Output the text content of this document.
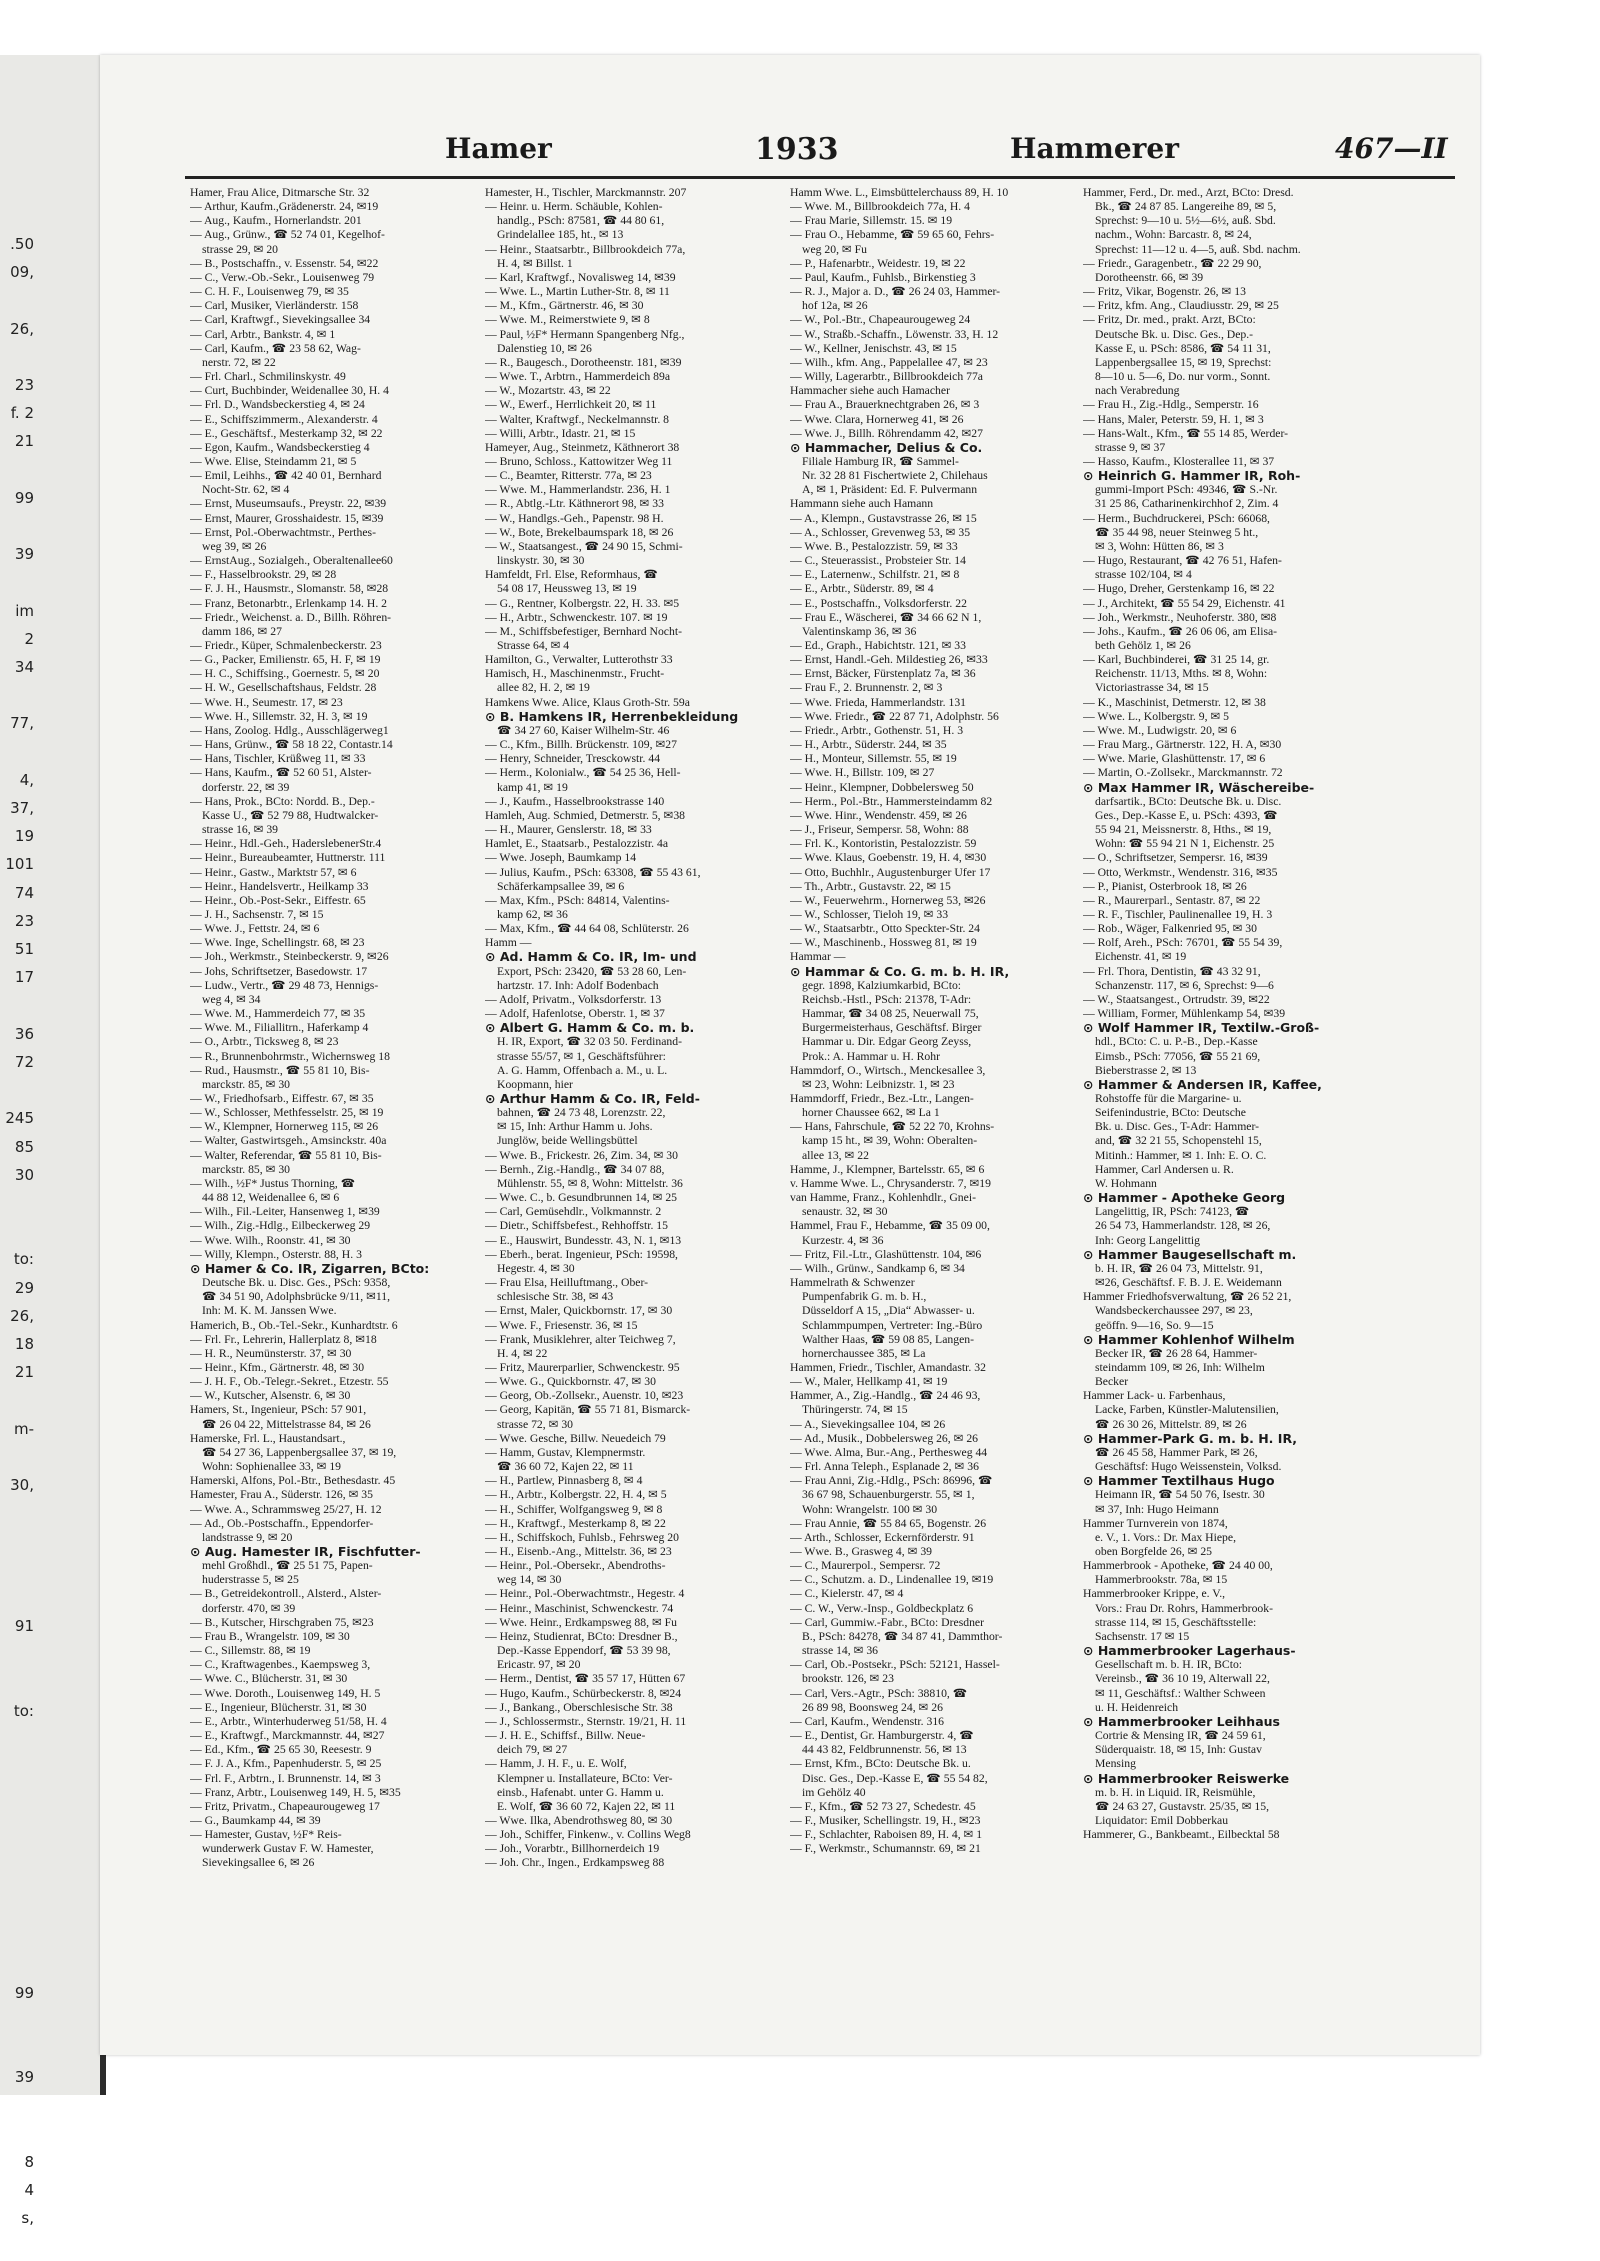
.50
09,

26,

23
f. 2
21

99

39

im
2
34

77,

4,
37,
19
101
74
23
51
17

36
72

245
85
30

to:
29
26,
18
21

m-

30,

91

to:

99

39

8
4
s,

Hamer	1933	Hammerer	467—II
Hamer, Frau Alice, Ditmarsche Str. 32
— Arthur, Kaufm.,Grädenerstr. 24, ✉19
— Aug., Kaufm., Hornerlandstr. 201
— Aug., Grünw., ☎ 52 74 01, Kegelhof-
strasse 29, ✉ 20
— B., Postschaffn., v. Essenstr. 54, ✉22
— C., Verw.-Ob.-Sekr., Louisenweg 79
— C. H. F., Louisenweg 79, ✉ 35
— Carl, Musiker, Vierländerstr. 158
— Carl, Kraftwgf., Sievekingsallee 34
— Carl, Arbtr., Bankstr. 4, ✉ 1
— Carl, Kaufm., ☎ 23 58 62, Wag-
nerstr. 72, ✉ 22
— Frl. Charl., Schmilinskystr. 49
— Curt, Buchbinder, Weidenallee 30, H. 4
— Frl. D., Wandsbeckerstieg 4, ✉ 24
— E., Schiffszimmerm., Alexanderstr. 4
— E., Geschäftsf., Mesterkamp 32, ✉ 22
— Egon, Kaufm., Wandsbeckerstieg 4
— Wwe. Elise, Steindamm 21, ✉ 5
— Emil, Leihhs., ☎ 42 40 01, Bernhard
Nocht-Str. 62, ✉ 4
— Ernst, Museumsaufs., Preystr. 22, ✉39
— Ernst, Maurer, Grosshaidestr. 15, ✉39
— Ernst, Pol.-Oberwachtmstr., Perthes-
weg 39, ✉ 26
— ErnstAug., Sozialgeh., Oberaltenallee60
— F., Hasselbrookstr. 29, ✉ 28
— F. J. H., Hausmstr., Slomanstr. 58, ✉28
— Franz, Betonarbtr., Erlenkamp 14. H. 2
— Friedr., Weichenst. a. D., Billh. Röhren-
damm 186, ✉ 27
— Friedr., Küper, Schmalenbeckerstr. 23
— G., Packer, Emilienstr. 65, H. F, ✉ 19
— H. C., Schiffsing., Goernestr. 5, ✉ 20
— H. W., Gesellschaftshaus, Feldstr. 28
— Wwe. H., Seumestr. 17, ✉ 23
— Wwe. H., Sillemstr. 32, H. 3, ✉ 19
— Hans, Zoolog. Hdlg., Ausschlägerweg1
— Hans, Grünw., ☎ 58 18 22, Contastr.14
— Hans, Tischler, Krüßweg 11, ✉ 33
— Hans, Kaufm., ☎ 52 60 51, Alster-
dorferstr. 22, ✉ 39
— Hans, Prok., BCto: Nordd. B., Dep.-
Kasse U., ☎ 52 79 88, Hudtwalcker-
strasse 16, ✉ 39
— Heinr., Hdl.-Geh., HaderslebenerStr.4
— Heinr., Bureaubeamter, Huttnerstr. 111
— Heinr., Gastw., Marktstr 57, ✉ 6
— Heinr., Handelsvertr., Heilkamp 33
— Heinr., Ob.-Post-Sekr., Eiffestr. 65
— J. H., Sachsenstr. 7, ✉ 15
— Wwe. J., Fettstr. 24, ✉ 6
— Wwe. Inge, Schellingstr. 68, ✉ 23
— Joh., Werkmstr., Steinbeckerstr. 9, ✉26
— Johs, Schriftsetzer, Basedowstr. 17
— Ludw., Vertr., ☎ 29 48 73, Hennigs-
weg 4, ✉ 34
— Wwe. M., Hammerdeich 77, ✉ 35
— Wwe. M., Filiallitrn., Haferkamp 4
— O., Arbtr., Ticksweg 8, ✉ 23
— R., Brunnenbohrmstr., Wichernsweg 18
— Rud., Hausmstr., ☎ 55 81 10, Bis-
marckstr. 85, ✉ 30
— W., Friedhofsarb., Eiffestr. 67, ✉ 35
— W., Schlosser, Methfesselstr. 25, ✉ 19
— W., Klempner, Hornerweg 115, ✉ 26
— Walter, Gastwirtsgeh., Amsinckstr. 40a
— Walter, Referendar, ☎ 55 81 10, Bis-
marckstr. 85, ✉ 30
— Wilh., ½F* Justus Thorning, ☎
44 88 12, Weidenallee 6, ✉ 6
— Wilh., Fil.-Leiter, Hansenweg 1, ✉39
— Wilh., Zig.-Hdlg., Eilbeckerweg 29
— Wwe. Wilh., Roonstr. 41, ✉ 30
— Willy, Klempn., Osterstr. 88, H. 3
⊙ Hamer & Co. IR, Zigarren, BCto:
Deutsche Bk. u. Disc. Ges., PSch: 9358,
☎ 34 51 90, Adolphsbrücke 9/11, ✉11,
Inh: M. K. M. Janssen Wwe.
Hamerich, B., Ob.-Tel.-Sekr., Kunhardtstr. 6
— Frl. Fr., Lehrerin, Hallerplatz 8, ✉18
— H. R., Neumünsterstr. 37, ✉ 30
— Heinr., Kfm., Gärtnerstr. 48, ✉ 30
— J. H. F., Ob.-Telegr.-Sekret., Etzestr. 55
— W., Kutscher, Alsenstr. 6, ✉ 30
Hamers, St., Ingenieur, PSch: 57 901,
☎ 26 04 22, Mittelstrasse 84, ✉ 26
Hamerske, Frl. L., Haustandsart.,
☎ 54 27 36, Lappenbergsallee 37, ✉ 19,
Wohn: Sophienallee 33, ✉ 19
Hamerski, Alfons, Pol.-Btr., Bethesdastr. 45
Hamester, Frau A., Süderstr. 126, ✉ 35
— Wwe. A., Schrammsweg 25/27, H. 12
— Ad., Ob.-Postschaffn., Eppendorfer-
landstrasse 9, ✉ 20
⊙ Aug. Hamester IR, Fischfutter-
mehl Großhdl., ☎ 25 51 75, Papen-
huderstrasse 5, ✉ 25
— B., Getreidekontroll., Alsterd., Alster-
dorferstr. 470, ✉ 39
— B., Kutscher, Hirschgraben 75, ✉23
— Frau B., Wrangelstr. 109, ✉ 30
— C., Sillemstr. 88, ✉ 19
— C., Kraftwagenbes., Kaempsweg 3,
— Wwe. C., Blücherstr. 31, ✉ 30
— Wwe. Doroth., Louisenweg 149, H. 5
— E., Ingenieur, Blücherstr. 31, ✉ 30
— E., Arbtr., Winterhuderweg 51/58, H. 4
— E., Kraftwgf., Marckmannstr. 44, ✉27
— Ed., Kfm., ☎ 25 65 30, Reesestr. 9
— F. J. A., Kfm., Papenhuderstr. 5, ✉ 25
— Frl. F., Arbtrn., I. Brunnenstr. 14, ✉ 3
— Franz, Arbtr., Louisenweg 149, H. 5, ✉35
— Fritz, Privatm., Chapeaurougeweg 17
— G., Baumkamp 44, ✉ 39
— Hamester, Gustav, ½F* Reis-
wunderwerk Gustav F. W. Hamester,
Sievekingsallee 6, ✉ 26
Hamester, H., Tischler, Marckmannstr. 207
— Heinr. u. Herm. Schäuble, Kohlen-
handlg., PSch: 87581, ☎ 44 80 61,
Grindelallee 185, ht., ✉ 13
— Heinr., Staatsarbtr., Billbrookdeich 77a,
H. 4, ✉ Billst. 1
— Karl, Kraftwgf., Novalisweg 14, ✉39
— Wwe. L., Martin Luther-Str. 8, ✉ 11
— M., Kfm., Gärtnerstr. 46, ✉ 30
— Wwe. M., Reimerstwiete 9, ✉ 8
— Paul, ½F* Hermann Spangenberg Nfg.,
Dalenstieg 10, ✉ 26
— R., Baugesch., Dorotheenstr. 181, ✉39
— Wwe. T., Arbtrn., Hammerdeich 89a
— W., Mozartstr. 43, ✉ 22
— W., Ewerf., Herrlichkeit 20, ✉ 11
— Walter, Kraftwgf., Neckelmannstr. 8
— Willi, Arbtr., Idastr. 21, ✉ 15
Hameyer, Aug., Steinmetz, Käthnerort 38
— Bruno, Schloss., Kattowitzer Weg 11
— C., Beamter, Ritterstr. 77a, ✉ 23
— Wwe. M., Hammerlandstr. 236, H. 1
— R., Abtlg.-Ltr. Käthnerort 98, ✉ 33
— W., Handlgs.-Geh., Papenstr. 98 H.
— W., Bote, Brekelbaumspark 18, ✉ 26
— W., Staatsangest., ☎ 24 90 15, Schmi-
linskystr. 30, ✉ 30
Hamfeldt, Frl. Else, Reformhaus, ☎
54 08 17, Heussweg 13, ✉ 19
— G., Rentner, Kolbergstr. 22, H. 33. ✉5
— H., Arbtr., Schwenckestr. 107. ✉ 19
— M., Schiffsbefestiger, Bernhard Nocht-
Strasse 64, ✉ 4
Hamilton, G., Verwalter, Lutterothstr 33
Hamisch, H., Maschinenmstr., Frucht-
allee 82, H. 2, ✉ 19
Hamkens Wwe. Alice, Klaus Groth-Str. 59a
⊙ B. Hamkens IR, Herrenbekleidung
☎ 34 27 60, Kaiser Wilhelm-Str. 46
— C., Kfm., Billh. Brückenstr. 109, ✉27
— Henry, Schneider, Tresckowstr. 44
— Herm., Kolonialw., ☎ 54 25 36, Hell-
kamp 41, ✉ 19
— J., Kaufm., Hasselbrookstrasse 140
Hamleh, Aug. Schmied, Detmerstr. 5, ✉38
— H., Maurer, Genslerstr. 18, ✉ 33
Hamlet, E., Staatsarb., Pestalozzistr. 4a
— Wwe. Joseph, Baumkamp 14
— Julius, Kaufm., PSch: 63308, ☎ 55 43 61,
Schäferkampsallee 39, ✉ 6
— Max, Kfm., PSch: 84814, Valentins-
kamp 62, ✉ 36
— Max, Kfm., ☎ 44 64 08, Schlüterstr. 26
Hamm —
⊙ Ad. Hamm & Co. IR, Im- und
Export, PSch: 23420, ☎ 53 28 60, Len-
hartzstr. 17. Inh: Adolf Bodenbach
— Adolf, Privatm., Volksdorferstr. 13
— Adolf, Hafenlotse, Oberstr. 1, ✉ 37
⊙ Albert G. Hamm & Co. m. b.
H. IR, Export, ☎ 32 03 50. Ferdinand-
strasse 55/57, ✉ 1, Geschäftsführer:
A. G. Hamm, Offenbach a. M., u. L.
Koopmann, hier
⊙ Arthur Hamm & Co. IR, Feld-
bahnen, ☎ 24 73 48, Lorenzstr. 22,
✉ 15, Inh: Arthur Hamm u. Johs.
Junglöw, beide Wellingsbüttel
— Wwe. B., Frickestr. 26, Zim. 34, ✉ 30
— Bernh., Zig.-Handlg., ☎ 34 07 88,
Mühlenstr. 55, ✉ 8, Wohn: Mittelstr. 36
— Wwe. C., b. Gesundbrunnen 14, ✉ 25
— Carl, Gemüsehdlr., Volkmannstr. 2
— Dietr., Schiffsbefest., Rehhoffstr. 15
— E., Hauswirt, Bundesstr. 43, N. 1, ✉13
— Eberh., berat. Ingenieur, PSch: 19598,
Hegestr. 4, ✉ 30
— Frau Elsa, Heilluftmang., Ober-
schlesische Str. 38, ✉ 43
— Ernst, Maler, Quickbornstr. 17, ✉ 30
— Wwe. F., Friesenstr. 36, ✉ 15
— Frank, Musiklehrer, alter Teichweg 7,
H. 4, ✉ 22
— Fritz, Maurerparlier, Schwenckestr. 95
— Wwe. G., Quickbornstr. 47, ✉ 30
— Georg, Ob.-Zollsekr., Auenstr. 10, ✉23
— Georg, Kapitän, ☎ 55 71 81, Bismarck-
strasse 72, ✉ 30
— Wwe. Gesche, Billw. Neuedeich 79
— Hamm, Gustav, Klempnermstr.
☎ 36 60 72, Kajen 22, ✉ 11
— H., Partlew, Pinnasberg 8, ✉ 4
— H., Arbtr., Kolbergstr. 22, H. 4, ✉ 5
— H., Schiffer, Wolfgangsweg 9, ✉ 8
— H., Kraftwgf., Mesterkamp 8, ✉ 22
— H., Schiffskoch, Fuhlsb., Fehrsweg 20
— H., Eisenb.-Ang., Mittelstr. 36, ✉ 23
— Heinr., Pol.-Obersekr., Abendroths-
weg 14, ✉ 30
— Heinr., Pol.-Oberwachtmstr., Hegestr. 4
— Heinr., Maschinist, Schwenckestr. 74
— Wwe. Heinr., Erdkampsweg 88, ✉ Fu
— Heinz, Studienrat, BCto: Dresdner B.,
Dep.-Kasse Eppendorf, ☎ 53 39 98,
Ericastr. 97, ✉ 20
— Herm., Dentist, ☎ 35 57 17, Hütten 67
— Hugo, Kaufm., Schürbeckerstr. 8, ✉24
— J., Bankang., Oberschlesische Str. 38
— J., Schlossermstr., Sternstr. 19/21, H. 11
— J. H. E., Schiffsf., Billw. Neue-
deich 79, ✉ 27
— Hamm, J. H. F., u. E. Wolf,
Klempner u. Installateure, BCto: Ver-
einsb., Hafenabt. unter G. Hamm u.
E. Wolf, ☎ 36 60 72, Kajen 22, ✉ 11
— Wwe. Ilka, Abendrothsweg 80, ✉ 30
— Joh., Schiffer, Finkenw., v. Collins Weg8
— Joh., Vorarbtr., Billhornerdeich 19
— Joh. Chr., Ingen., Erdkampsweg 88
Hamm Wwe. L., Eimsbüttelerchauss 89, H. 10
— Wwe. M., Billbrookdeich 77a, H. 4
— Frau Marie, Sillemstr. 15. ✉ 19
— Frau O., Hebamme, ☎ 59 65 60, Fehrs-
weg 20, ✉ Fu
— P., Hafenarbtr., Weidestr. 19, ✉ 22
— Paul, Kaufm., Fuhlsb., Birkenstieg 3
— R. J., Major a. D., ☎ 26 24 03, Hammer-
hof 12a, ✉ 26
— W., Pol.-Btr., Chapeaurougeweg 24
— W., Straßb.-Schaffn., Löwenstr. 33, H. 12
— W., Kellner, Jenischstr. 43, ✉ 15
— Wilh., kfm. Ang., Pappelallee 47, ✉ 23
— Willy, Lagerarbtr., Billbrookdeich 77a
Hammacher siehe auch Hamacher
— Frau A., Brauerknechtgraben 26, ✉ 3
— Wwe. Clara, Hornerweg 41, ✉ 26
— Wwe. J., Billh. Röhrendamm 42, ✉27
⊙ Hammacher, Delius & Co.
Filiale Hamburg IR, ☎ Sammel-
Nr. 32 28 81 Fischertwiete 2, Chilehaus
A, ✉ 1, Präsident: Ed. F. Pulvermann
Hammann siehe auch Hamann
— A., Klempn., Gustavstrasse 26, ✉ 15
— A., Schlosser, Grevenweg 53, ✉ 35
— Wwe. B., Pestalozzistr. 59, ✉ 33
— C., Steuerassist., Probsteier Str. 14
— E., Laternenw., Schilfstr. 21, ✉ 8
— E., Arbtr., Süderstr. 89, ✉ 4
— E., Postschaffn., Volksdorferstr. 22
— Frau E., Wäscherei, ☎ 34 66 62 N 1,
Valentinskamp 36, ✉ 36
— Ed., Graph., Habichtstr. 121, ✉ 33
— Ernst, Handl.-Geh. Mildestieg 26, ✉33
— Ernst, Bäcker, Fürstenplatz 7a, ✉ 36
— Frau F., 2. Brunnenstr. 2, ✉ 3
— Wwe. Frieda, Hammerlandstr. 131
— Wwe. Friedr., ☎ 22 87 71, Adolphstr. 56
— Friedr., Arbtr., Gothenstr. 51, H. 3
— H., Arbtr., Süderstr. 244, ✉ 35
— H., Monteur, Sillemstr. 55, ✉ 19
— Wwe. H., Billstr. 109, ✉ 27
— Heinr., Klempner, Dobbelersweg 50
— Herm., Pol.-Btr., Hammersteindamm 82
— Wwe. Hinr., Wendenstr. 459, ✉ 26
— J., Friseur, Sempersr. 58, Wohn: 88
— Frl. K., Kontoristin, Pestalozzistr. 59
— Wwe. Klaus, Goebenstr. 19, H. 4, ✉30
— Otto, Buchhlr., Augustenburger Ufer 17
— Th., Arbtr., Gustavstr. 22, ✉ 15
— W., Feuerwehrm., Hornerweg 53, ✉26
— W., Schlosser, Tieloh 19, ✉ 33
— W., Staatsarbtr., Otto Speckter-Str. 24
— W., Maschinenb., Hossweg 81, ✉ 19
Hammar —
⊙ Hammar & Co. G. m. b. H. IR,
gegr. 1898, Kalziumkarbid, BCto:
Reichsb.-Hstl., PSch: 21378, T-Adr:
Hammar, ☎ 34 08 25, Neuerwall 75,
Burgermeisterhaus, Geschäftsf. Birger
Hammar u. Dir. Edgar Georg Zeyss,
Prok.: A. Hammar u. H. Rohr
Hammdorf, O., Wirtsch., Menckesallee 3,
✉ 23, Wohn: Leibnizstr. 1, ✉ 23
Hammdorff, Friedr., Bez.-Ltr., Langen-
horner Chaussee 662, ✉ La 1
— Hans, Fahrschule, ☎ 52 22 70, Krohns-
kamp 15 ht., ✉ 39, Wohn: Oberalten-
allee 13, ✉ 22
Hamme, J., Klempner, Bartelsstr. 65, ✉ 6
v. Hamme Wwe. L., Chrysanderstr. 7, ✉19
van Hamme, Franz., Kohlenhdlr., Gnei-
senaustr. 32, ✉ 30
Hammel, Frau F., Hebamme, ☎ 35 09 00,
Kurzestr. 4, ✉ 36
— Fritz, Fil.-Ltr., Glashüttenstr. 104, ✉6
— Wilh., Grünw., Sandkamp 6, ✉ 34
Hammelrath & Schwenzer
Pumpenfabrik G. m. b. H.,
Düsseldorf A 15, „Dia“ Abwasser- u.
Schlammpumpen, Vertreter: Ing.-Büro
Walther Haas, ☎ 59 08 85, Langen-
hornerchaussee 385, ✉ La
Hammen, Friedr., Tischler, Amandastr. 32
— W., Maler, Hellkamp 41, ✉ 19
Hammer, A., Zig.-Handlg., ☎ 24 46 93,
Thüringerstr. 74, ✉ 15
— A., Sievekingsallee 104, ✉ 26
— Ad., Musik., Dobbelersweg 26, ✉ 26
— Wwe. Alma, Bur.-Ang., Perthesweg 44
— Frl. Anna Teleph., Esplanade 2, ✉ 36
— Frau Anni, Zig.-Hdlg., PSch: 86996, ☎
36 67 98, Schauenburgerstr. 55, ✉ 1,
Wohn: Wrangelstr. 100 ✉ 30
— Frau Annie, ☎ 55 84 65, Bogenstr. 26
— Arth., Schlosser, Eckernförderstr. 91
— Wwe. B., Grasweg 4, ✉ 39
— C., Maurerpol., Sempersr. 72
— C., Schutzm. a. D., Lindenallee 19, ✉19
— C., Kielerstr. 47, ✉ 4
— C. W., Verw.-Insp., Goldbeckplatz 6
— Carl, Gummiw.-Fabr., BCto: Dresdner
B., PSch: 84278, ☎ 34 87 41, Dammthor-
strasse 14, ✉ 36
— Carl, Ob.-Postsekr., PSch: 52121, Hassel-
brookstr. 126, ✉ 23
— Carl, Vers.-Agtr., PSch: 38810, ☎
26 89 98, Boonsweg 24, ✉ 26
— Carl, Kaufm., Wendenstr. 316
— E., Dentist, Gr. Hamburgerstr. 4, ☎
44 43 82, Feldbrunnenstr. 56, ✉ 13
— Ernst, Kfm., BCto: Deutsche Bk. u.
Disc. Ges., Dep.-Kasse E, ☎ 55 54 82,
im Gehölz 40
— F., Kfm., ☎ 52 73 27, Schedestr. 45
— F., Musiker, Schellingstr. 19, H., ✉23
— F., Schlachter, Raboisen 89, H. 4, ✉ 1
— F., Werkmstr., Schumannstr. 69, ✉ 21
Hammer, Ferd., Dr. med., Arzt, BCto: Dresd.
Bk., ☎ 24 87 85. Langereihe 89, ✉ 5,
Sprechst: 9—10 u. 5½—6½, auß. Sbd.
nachm., Wohn: Barcastr. 8, ✉ 24,
Sprechst: 11—12 u. 4—5, auß. Sbd. nachm.
— Friedr., Garagenbetr., ☎ 22 29 90,
Dorotheenstr. 66, ✉ 39
— Fritz, Vikar, Bogenstr. 26, ✉ 13
— Fritz, kfm. Ang., Claudiusstr. 29, ✉ 25
— Fritz, Dr. med., prakt. Arzt, BCto:
Deutsche Bk. u. Disc. Ges., Dep.-
Kasse E, u. PSch: 8586, ☎ 54 11 31,
Lappenbergsallee 15, ✉ 19, Sprechst:
8—10 u. 5—6, Do. nur vorm., Sonnt.
nach Verabredung
— Frau H., Zig.-Hdlg., Semperstr. 16
— Hans, Maler, Peterstr. 59, H. 1, ✉ 3
— Hans-Walt., Kfm., ☎ 55 14 85, Werder-
strasse 9, ✉ 37
— Hasso, Kaufm., Klosterallee 11, ✉ 37
⊙ Heinrich G. Hammer IR, Roh-
gummi-Import PSch: 49346, ☎ S.-Nr.
31 25 86, Catharinenkirchhof 2, Zim. 4
— Herm., Buchdruckerei, PSch: 66068,
☎ 35 44 98, neuer Steinweg 5 ht.,
✉ 3, Wohn: Hütten 86, ✉ 3
— Hugo, Restaurant, ☎ 42 76 51, Hafen-
strasse 102/104, ✉ 4
— Hugo, Dreher, Gerstenkamp 16, ✉ 22
— J., Architekt, ☎ 55 54 29, Eichenstr. 41
— Joh., Werkmstr., Neuhoferstr. 380, ✉8
— Johs., Kaufm., ☎ 26 06 06, am Elisa-
beth Gehölz 1, ✉ 26
— Karl, Buchbinderei, ☎ 31 25 14, gr.
Reichenstr. 11/13, Mths. ✉ 8, Wohn:
Victoriastrasse 34, ✉ 15
— K., Maschinist, Detmerstr. 12, ✉ 38
— Wwe. L., Kolbergstr. 9, ✉ 5
— Wwe. M., Ludwigstr. 20, ✉ 6
— Frau Marg., Gärtnerstr. 122, H. A, ✉30
— Wwe. Marie, Glashüttenstr. 17, ✉ 6
— Martin, O.-Zollsekr., Marckmannstr. 72
⊙ Max Hammer IR, Wäschereibe-
darfsartik., BCto: Deutsche Bk. u. Disc.
Ges., Dep.-Kasse E, u. PSch: 4393, ☎
55 94 21, Meissnerstr. 8, Hths., ✉ 19,
Wohn: ☎ 55 94 21 N 1, Eichenstr. 25
— O., Schriftsetzer, Sempersr. 16, ✉39
— Otto, Werkmstr., Wendenstr. 316, ✉35
— P., Pianist, Osterbrook 18, ✉ 26
— R., Maurerparl., Sentastr. 87, ✉ 22
— R. F., Tischler, Paulinenallee 19, H. 3
— Rob., Wäger, Falkenried 95, ✉ 30
— Rolf, Areh., PSch: 76701, ☎ 55 54 39,
Eichenstr. 41, ✉ 19
— Frl. Thora, Dentistin, ☎ 43 32 91,
Schanzenstr. 117, ✉ 6, Sprechst: 9—6
— W., Staatsangest., Ortrudstr. 39, ✉22
— William, Former, Mühlenkamp 54, ✉39
⊙ Wolf Hammer IR, Textilw.-Groß-
hdl., BCto: C. u. P.-B., Dep.-Kasse
Eimsb., PSch: 77056, ☎ 55 21 69,
Bieberstrasse 2, ✉ 13
⊙ Hammer & Andersen IR, Kaffee,
Rohstoffe für die Margarine- u.
Seifenindustrie, BCto: Deutsche
Bk. u. Disc. Ges., T-Adr: Hammer-
and, ☎ 32 21 55, Schopenstehl 15,
Mitinh.: Hammer, ✉ 1. Inh: E. O. C.
Hammer, Carl Andersen u. R.
W. Hohmann
⊙ Hammer - Apotheke Georg
Langelittig, IR, PSch: 74123, ☎
26 54 73, Hammerlandstr. 128, ✉ 26,
Inh: Georg Langelittig
⊙ Hammer Baugesellschaft m.
b. H. IR, ☎ 26 04 73, Mittelstr. 91,
✉26, Geschäftsf. F. B. J. E. Weidemann
Hammer Friedhofsverwaltung, ☎ 26 52 21,
Wandsbeckerchaussee 297, ✉ 23,
geöffn. 9—16, So. 9—15
⊙ Hammer Kohlenhof Wilhelm
Becker IR, ☎ 26 28 64, Hammer-
steindamm 109, ✉ 26, Inh: Wilhelm
Becker
Hammer Lack- u. Farbenhaus,
Lacke, Farben, Künstler-Malutensilien,
☎ 26 30 26, Mittelstr. 89, ✉ 26
⊙ Hammer-Park G. m. b. H. IR,
☎ 26 45 58, Hammer Park, ✉ 26,
Geschäftsf: Hugo Weissenstein, Volksd.
⊙ Hammer Textilhaus Hugo
Heimann IR, ☎ 54 50 76, Isestr. 30
✉ 37, Inh: Hugo Heimann
Hammer Turnverein von 1874,
e. V., 1. Vors.: Dr. Max Hiepe,
oben Borgfelde 26, ✉ 25
Hammerbrook - Apotheke, ☎ 24 40 00,
Hammerbrookstr. 78a, ✉ 15
Hammerbrooker Krippe, e. V.,
Vors.: Frau Dr. Rohrs, Hammerbrook-
strasse 114, ✉ 15, Geschäftsstelle:
Sachsenstr. 17 ✉ 15
⊙ Hammerbrooker Lagerhaus-
Gesellschaft m. b. H. IR, BCto:
Vereinsb., ☎ 36 10 19, Alterwall 22,
✉ 11, Geschäftsf.: Walther Schween
u. H. Heidenreich
⊙ Hammerbrooker Leihhaus
Cortrie & Mensing IR, ☎ 24 59 61,
Süderquaistr. 18, ✉ 15, Inh: Gustav
Mensing
⊙ Hammerbrooker Reiswerke
m. b. H. in Liquid. IR, Reismühle,
☎ 24 63 27, Gustavstr. 25/35, ✉ 15,
Liquidator: Emil Dobberkau
Hammerer, G., Bankbeamt., Eilbecktal 58
